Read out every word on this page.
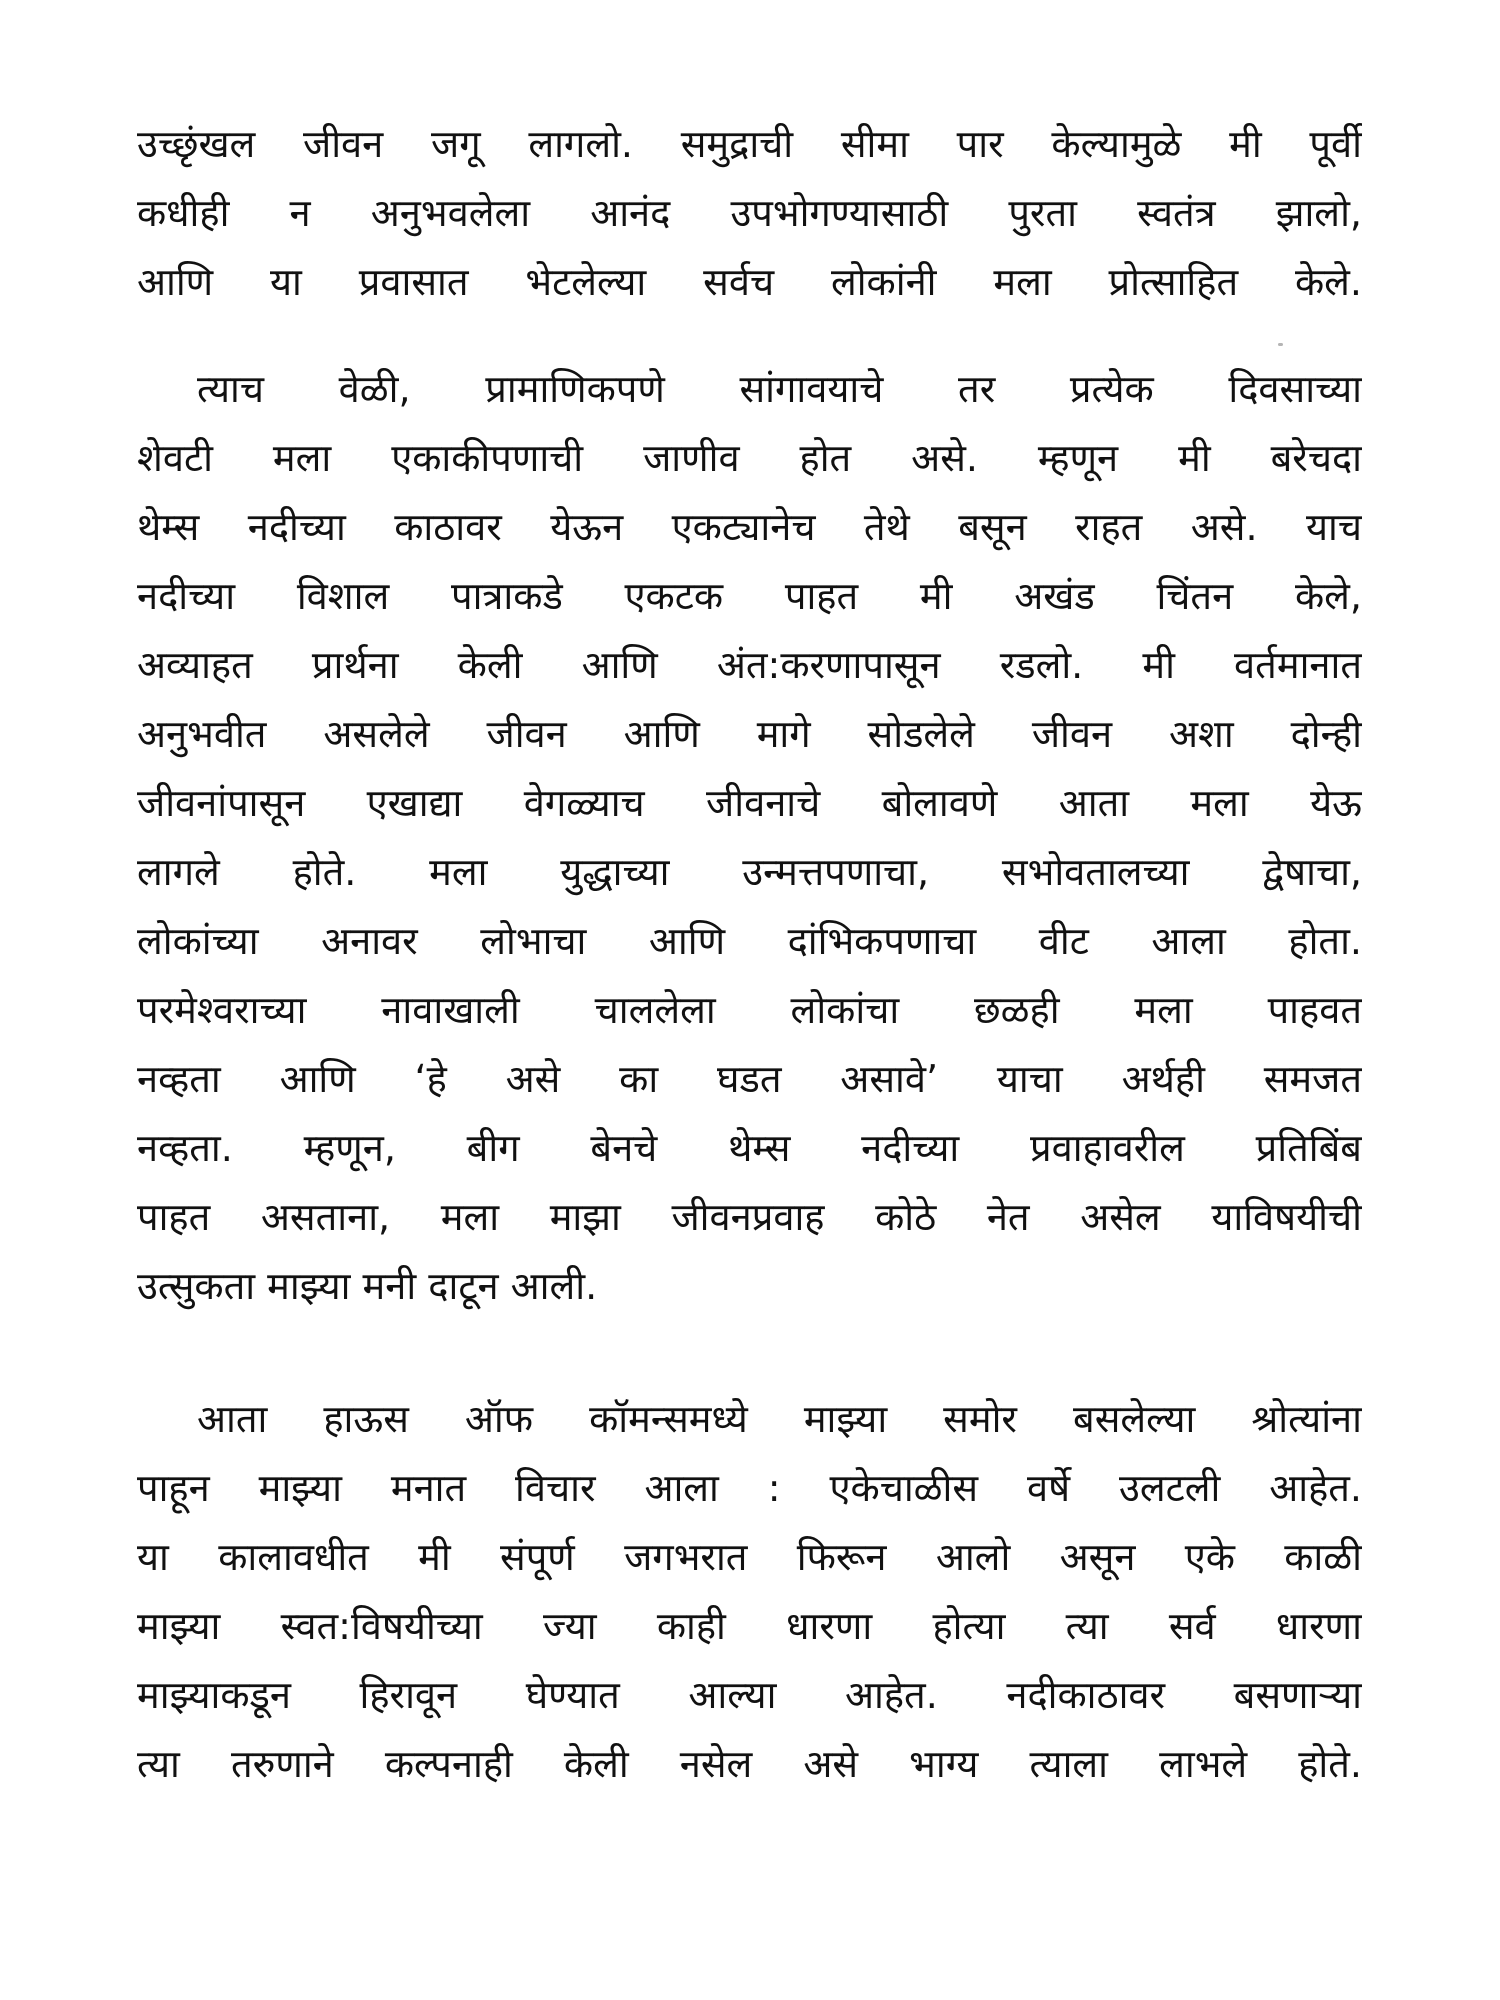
उच्छृंखल जीवन जगू लागलो. समुद्राची सीमा पार केल्यामुळे मी पूर्वी
कधीही न अनुभवलेला आनंद उपभोगण्यासाठी पुरता स्वतंत्र झालो,
आणि या प्रवासात भेटलेल्या सर्वच लोकांनी मला प्रोत्साहित केले.
त्याच वेळी, प्रामाणिकपणे सांगावयाचे तर प्रत्येक दिवसाच्या
शेवटी मला एकाकीपणाची जाणीव होत असे. म्हणून मी बरेचदा
थेम्स नदीच्या काठावर येऊन एकट्यानेच तेथे बसून राहत असे. याच
नदीच्या विशाल पात्राकडे एकटक पाहत मी अखंड चिंतन केले,
अव्याहत प्रार्थना केली आणि अंत:करणापासून रडलो. मी वर्तमानात
अनुभवीत असलेले जीवन आणि मागे सोडलेले जीवन अशा दोन्ही
जीवनांपासून एखाद्या वेगळ्याच जीवनाचे बोलावणे आता मला येऊ
लागले होते. मला युद्धाच्या उन्मत्तपणाचा, सभोवतालच्या द्वेषाचा,
लोकांच्या अनावर लोभाचा आणि दांभिकपणाचा वीट आला होता.
परमेश्वराच्या नावाखाली चाललेला लोकांचा छळही मला पाहवत
नव्हता आणि ‘हे असे का घडत असावे’ याचा अर्थही समजत
नव्हता. म्हणून, बीग बेनचे थेम्स नदीच्या प्रवाहावरील प्रतिबिंब
पाहत असताना, मला माझा जीवनप्रवाह कोठे नेत असेल याविषयीची
उत्सुकता माझ्या मनी दाटून आली.
आता हाऊस ऑफ कॉमन्समध्ये माझ्या समोर बसलेल्या श्रोत्यांना
पाहून माझ्या मनात विचार आला : एकेचाळीस वर्षे उलटली आहेत.
या कालावधीत मी संपूर्ण जगभरात फिरून आलो असून एके काळी
माझ्या स्वत:विषयीच्या ज्या काही धारणा होत्या त्या सर्व धारणा
माझ्याकडून हिरावून घेण्यात आल्या आहेत. नदीकाठावर बसणाऱ्या
त्या तरुणाने कल्पनाही केली नसेल असे भाग्य त्याला लाभले होते.
